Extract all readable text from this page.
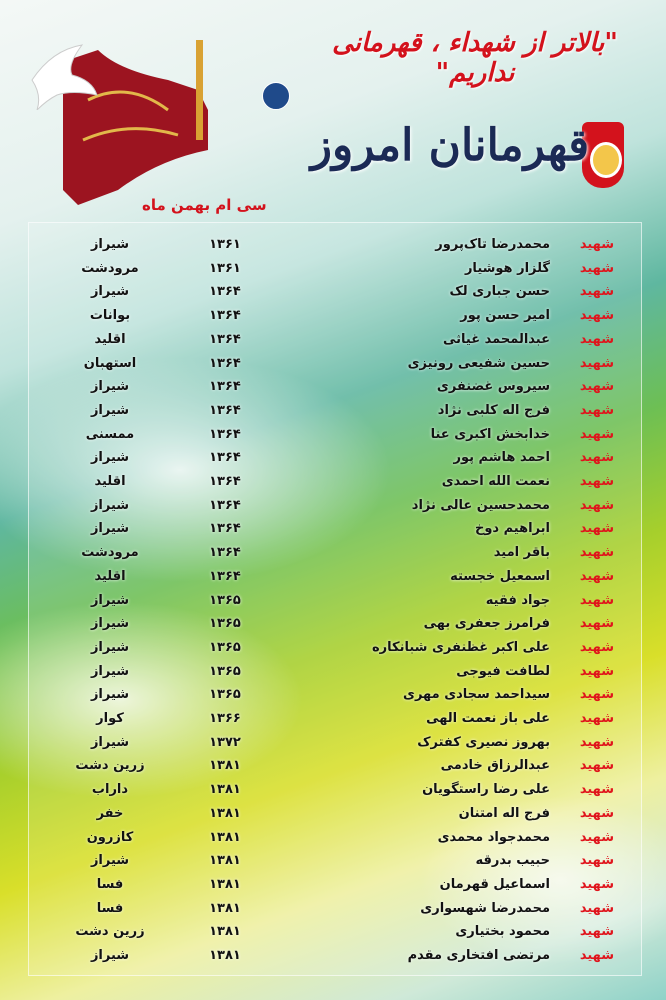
"بالاتر از شهداء ، قهرمانی نداریم"
قهرمانان امروز
سی ام بهمن ماه
شهید
محمدرضا تاک‌پرور
۱۳۶۱
شیراز
شهید
گلزار هوشیار
۱۳۶۱
مرودشت
شهید
حسن جباری لک
۱۳۶۴
شیراز
شهید
امیر حسن پور
۱۳۶۴
بوانات
شهید
عبدالمحمد غیاثی
۱۳۶۴
اقلید
شهید
حسین شفیعی رونیزی
۱۳۶۴
استهبان
شهید
سیروس غضنفری
۱۳۶۴
شیراز
شهید
فرج اله کلبی نژاد
۱۳۶۴
شیراز
شهید
خدابخش اکبری عنا
۱۳۶۴
ممسنی
شهید
احمد هاشم پور
۱۳۶۴
شیراز
شهید
نعمت الله احمدی
۱۳۶۴
اقلید
شهید
محمدحسین عالی نژاد
۱۳۶۴
شیراز
شهید
ابراهیم دوخ
۱۳۶۴
شیراز
شهید
باقر امید
۱۳۶۴
مرودشت
شهید
اسمعیل خجسته
۱۳۶۴
اقلید
شهید
جواد فقیه
۱۳۶۵
شیراز
شهید
فرامرز جعفری بهی
۱۳۶۵
شیراز
شهید
علی اکبر غظنفری شبانکاره
۱۳۶۵
شیراز
شهید
لطافت فیوجی
۱۳۶۵
شیراز
شهید
سیداحمد سجادی مهری
۱۳۶۵
شیراز
شهید
علی باز نعمت الهی
۱۳۶۶
کوار
شهید
بهروز نصیری کفترک
۱۳۷۲
شیراز
شهید
عبدالرزاق خادمی
۱۳۸۱
زرین دشت
شهید
علی رضا راستگویان
۱۳۸۱
داراب
شهید
فرج اله امتنان
۱۳۸۱
خفر
شهید
محمدجواد محمدی
۱۳۸۱
کازرون
شهید
حبیب بدرقه
۱۳۸۱
شیراز
شهید
اسماعیل قهرمان
۱۳۸۱
فسا
شهید
محمدرضا شهسواری
۱۳۸۱
فسا
شهید
محمود بختیاری
۱۳۸۱
زرین دشت
شهید
مرتضی افتخاری مقدم
۱۳۸۱
شیراز
